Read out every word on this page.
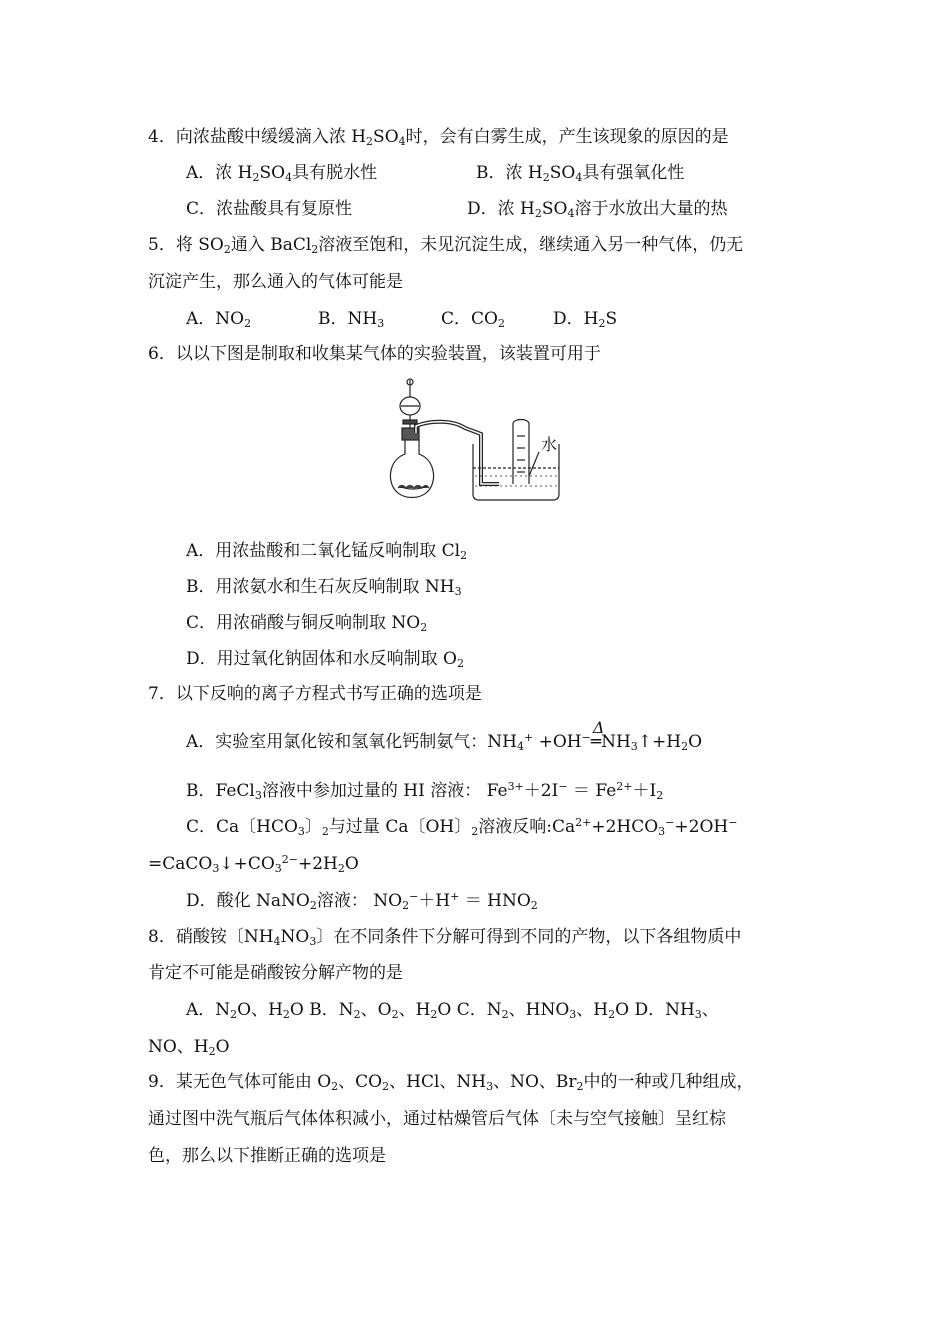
4．向浓盐酸中缓缓滴入浓 $H_2SO_4$时，会有白雾生成，产生该现象的原因的是
A．浓 $H_2SO_4$具有脱水性	B．浓 $H_2SO_4$具有强氧化性
C．浓盐酸具有复原性	D．浓 $H_2SO_4$溶于水放出大量的热
5．将 $SO_2$通入 BaCl$_2$溶液至饱和，未见沉淀生成，继续通入另一种气体，仍无
沉淀产生，那么通入的气体可能是
A．$NO_2$	B．$NH_3$	C．$CO_2$	D．$H_2S$
6．以以下图是制取和收集某气体的实验装置，该装置可用于
水
A．用浓盐酸和二氧化锰反响制取 $Cl_2$
B．用浓氨水和生石灰反响制取 $NH_3$
C．用浓硝酸与铜反响制取 $NO_2$
D．用过氧化钠固体和水反响制取 $O_2$
7．以下反响的离子方程式书写正确的选项是
A．实验室用氯化铵和氢氧化钙制氨气：$NH_4^+$ +OH−═
Δ
$NH_3↑+H_2O$
B．FeCl$_3$溶液中参加过量的 HI 溶液： $Fe^{3+}+2I^- = Fe^{2+}+I_2$
C．Ca〔$HCO_3$〕$_2$与过量 Ca〔OH〕$_2$溶液反响$:Ca^{2+}+2HCO_3^-+2OH^-$
$=CaCO_3↓+CO_3^{2-}+2H_2O$
D．酸化 NaNO$_2$溶液： $NO_2^-+H^+ = HNO_2$
8．硝酸铵〔$NH_4NO_3$〕在不同条件下分解可得到不同的产物，以下各组物质中
肯定不可能是硝酸铵分解产物的是
A．$N_2O$、$H_2O$ B．$N_2$、$O_2$、$H_2O$ C．$N_2$、$HNO_3$、$H_2O$ D．$NH_3$、
NO、$H_2O$
9．某无色气体可能由 $O_2$、$CO_2$、HCl、$NH_3$、NO、$Br_2$中的一种或几种组成，
通过图中洗气瓶后气体体积减小，通过枯燥管后气体〔未与空气接触〕呈红棕
色，那么以下推断正确的选项是
